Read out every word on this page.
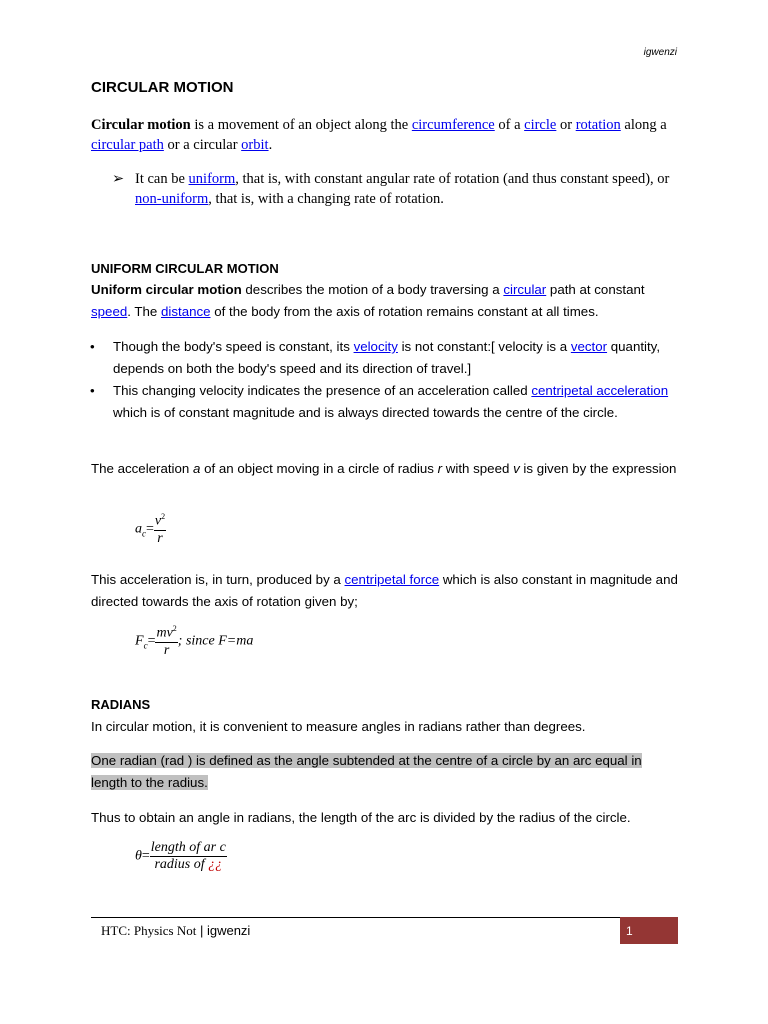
igwenzi
CIRCULAR MOTION
Circular motion is a movement of an object along the circumference of a circle or rotation along a circular path or a circular orbit.
➢ It can be uniform, that is, with constant angular rate of rotation (and thus constant speed), or non-uniform, that is, with a changing rate of rotation.
UNIFORM CIRCULAR MOTION
Uniform circular motion describes the motion of a body traversing a circular path at constant speed. The distance of the body from the axis of rotation remains constant at all times.
•	Though the body's speed is constant, its velocity is not constant:[ velocity is a vector quantity, depends on both the body's speed and its direction of travel.]
•	This changing velocity indicates the presence of an acceleration called centripetal acceleration which is of constant magnitude and is always directed towards the centre of the circle.
The acceleration a of an object moving in a circle of radius r with speed v is given by the expression
$a_c= \frac{v^2}{r}$
This acceleration is, in turn, produced by a centripetal force which is also constant in magnitude and directed towards the axis of rotation given by;
$F_c= \frac{mv^2}{r}$ ; since F=ma
RADIANS
In circular motion, it is convenient to measure angles in radians rather than degrees.
One radian (rad ) is defined as the angle subtended at the centre of a circle by an arc equal in length to the radius.
Thus to obtain an angle in radians, the length of the arc is divided by the radius of the circle.
$\theta= \frac{\text{length of ar c}}{\text{radius of ¿¿}}$
HTC: Physics Not | igwenzi	1
